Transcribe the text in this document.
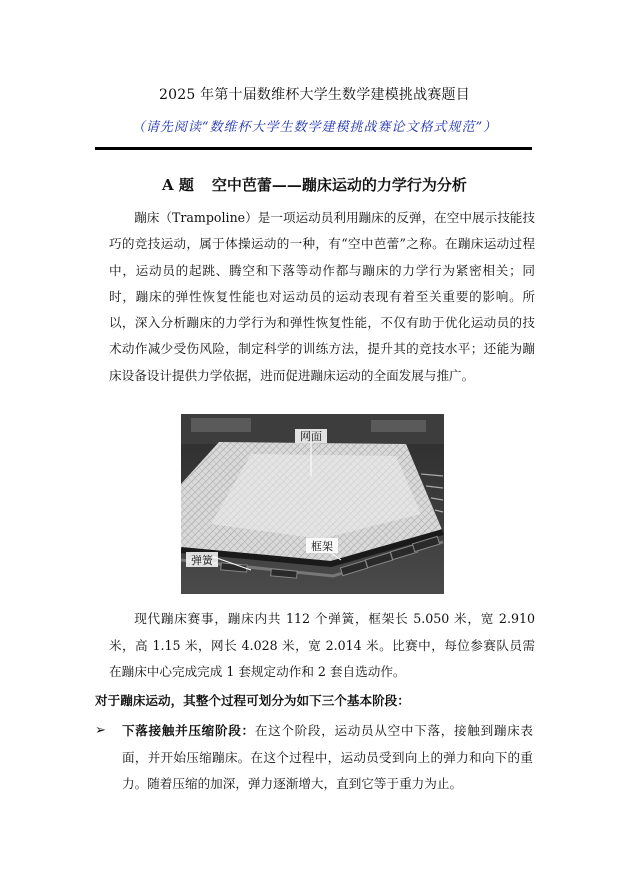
2025 年第十届数维杯大学生数学建模挑战赛题目
（请先阅读“数维杯大学生数学建模挑战赛论文格式规范”）
A 题 空中芭蕾——蹦床运动的力学行为分析
蹦床（Trampoline）是一项运动员利用蹦床的反弹，在空中展示技能技巧的竞技运动，属于体操运动的一种，有“空中芭蕾”之称。在蹦床运动过程中，运动员的起跳、腾空和下落等动作都与蹦床的力学行为紧密相关；同时，蹦床的弹性恢复性能也对运动员的运动表现有着至关重要的影响。所以，深入分析蹦床的力学行为和弹性恢复性能，不仅有助于优化运动员的技术动作减少受伤风险，制定科学的训练方法，提升其的竞技水平；还能为蹦床设备设计提供力学依据，进而促进蹦床运动的全面发展与推广。
网面
框架
弹簧
现代蹦床赛事，蹦床内共 112 个弹簧，框架长 5.050 米，宽 2.910 米，高 1.15 米，网长 4.028 米，宽 2.014 米。比赛中，每位参赛队员需在蹦床中心完成完成 1 套规定动作和 2 套自选动作。
对于蹦床运动，其整个过程可划分为如下三个基本阶段：
➢ 下落接触并压缩阶段：在这个阶段，运动员从空中下落，接触到蹦床表面，并开始压缩蹦床。在这个过程中，运动员受到向上的弹力和向下的重力。随着压缩的加深，弹力逐渐增大，直到它等于重力为止。
